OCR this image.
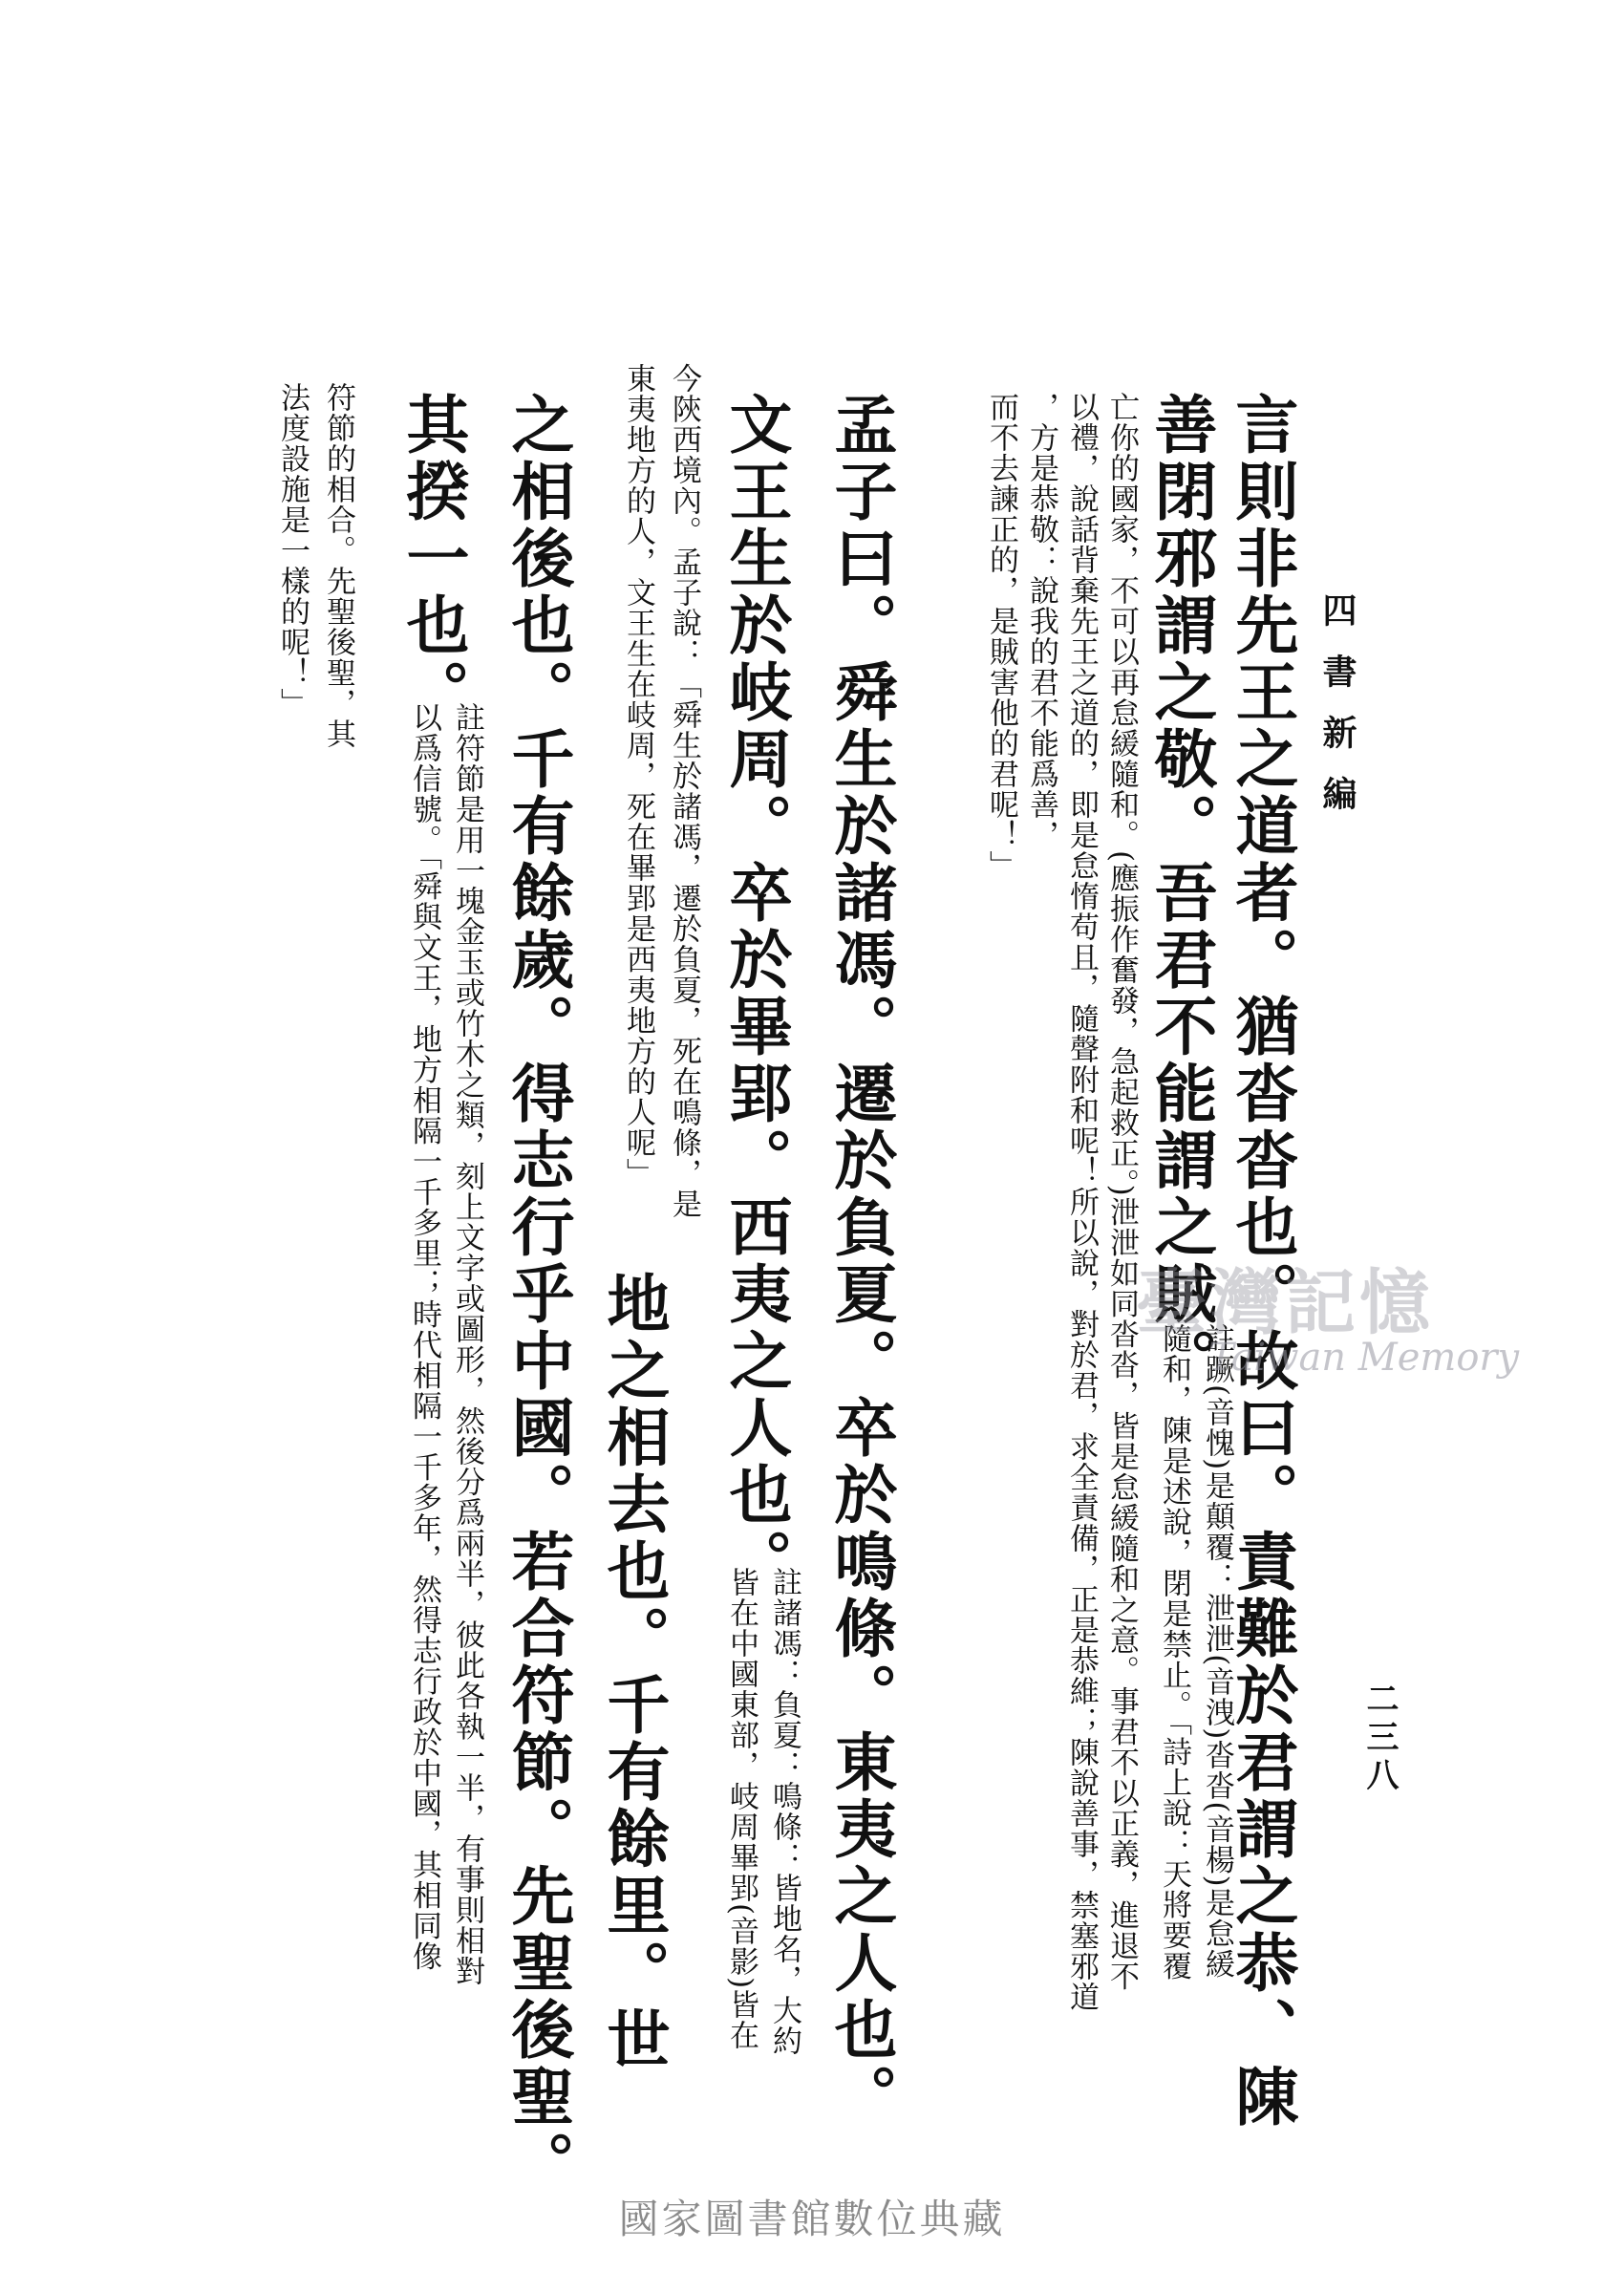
四書新編
二三八
言則非先王之道者。猶沓沓也。故曰。責難於君謂之恭、陳
善閉邪謂之敬。吾君不能謂之賊。
註蹶(音愧)是顛覆：泄泄(音洩)沓沓(音楊)是怠緩
隨和，陳是述說，閉是禁止。「詩上說：天將要覆
亡你的國家，不可以再怠緩隨和。(應振作奮發，急起救正。)泄泄如同沓沓，皆是怠緩隨和之意。事君不以正義，進退不
以禮，說話背棄先王之道的，即是怠惰苟且，隨聲附和呢！所以說，對於君，求全責備，正是恭維；陳說善事，禁塞邪道
，方是恭敬：說我的君不能爲善，
而不去諫正的，是賊害他的君呢！」
孟子曰。舜生於諸馮。遷於負夏。卒於鳴條。東夷之人也。
文王生於岐周。卒於畢郢。西夷之人也。
註諸馮：負夏：鳴條：皆地名，大約
皆在中國東部，岐周畢郢(音影)皆在
今陝西境內。孟子說：「舜生於諸馮，遷於負夏，死在鳴條，是
東夷地方的人，文王生在岐周，死在畢郢是西夷地方的人呢」
地之相去也。千有餘里。世
之相後也。千有餘歲。得志行乎中國。若合符節。先聖後聖。
其揆一也。
註符節是用一塊金玉或竹木之類，刻上文字或圖形，然後分爲兩半，彼此各執一半，有事則相對
以爲信號。「舜與文王，地方相隔一千多里；時代相隔一千多年，然得志行政於中國，其相同像
符節的相合。先聖後聖，其
法度設施是一樣的呢！」
臺灣記憶
Taiwan Memory
國家圖書館數位典藏
